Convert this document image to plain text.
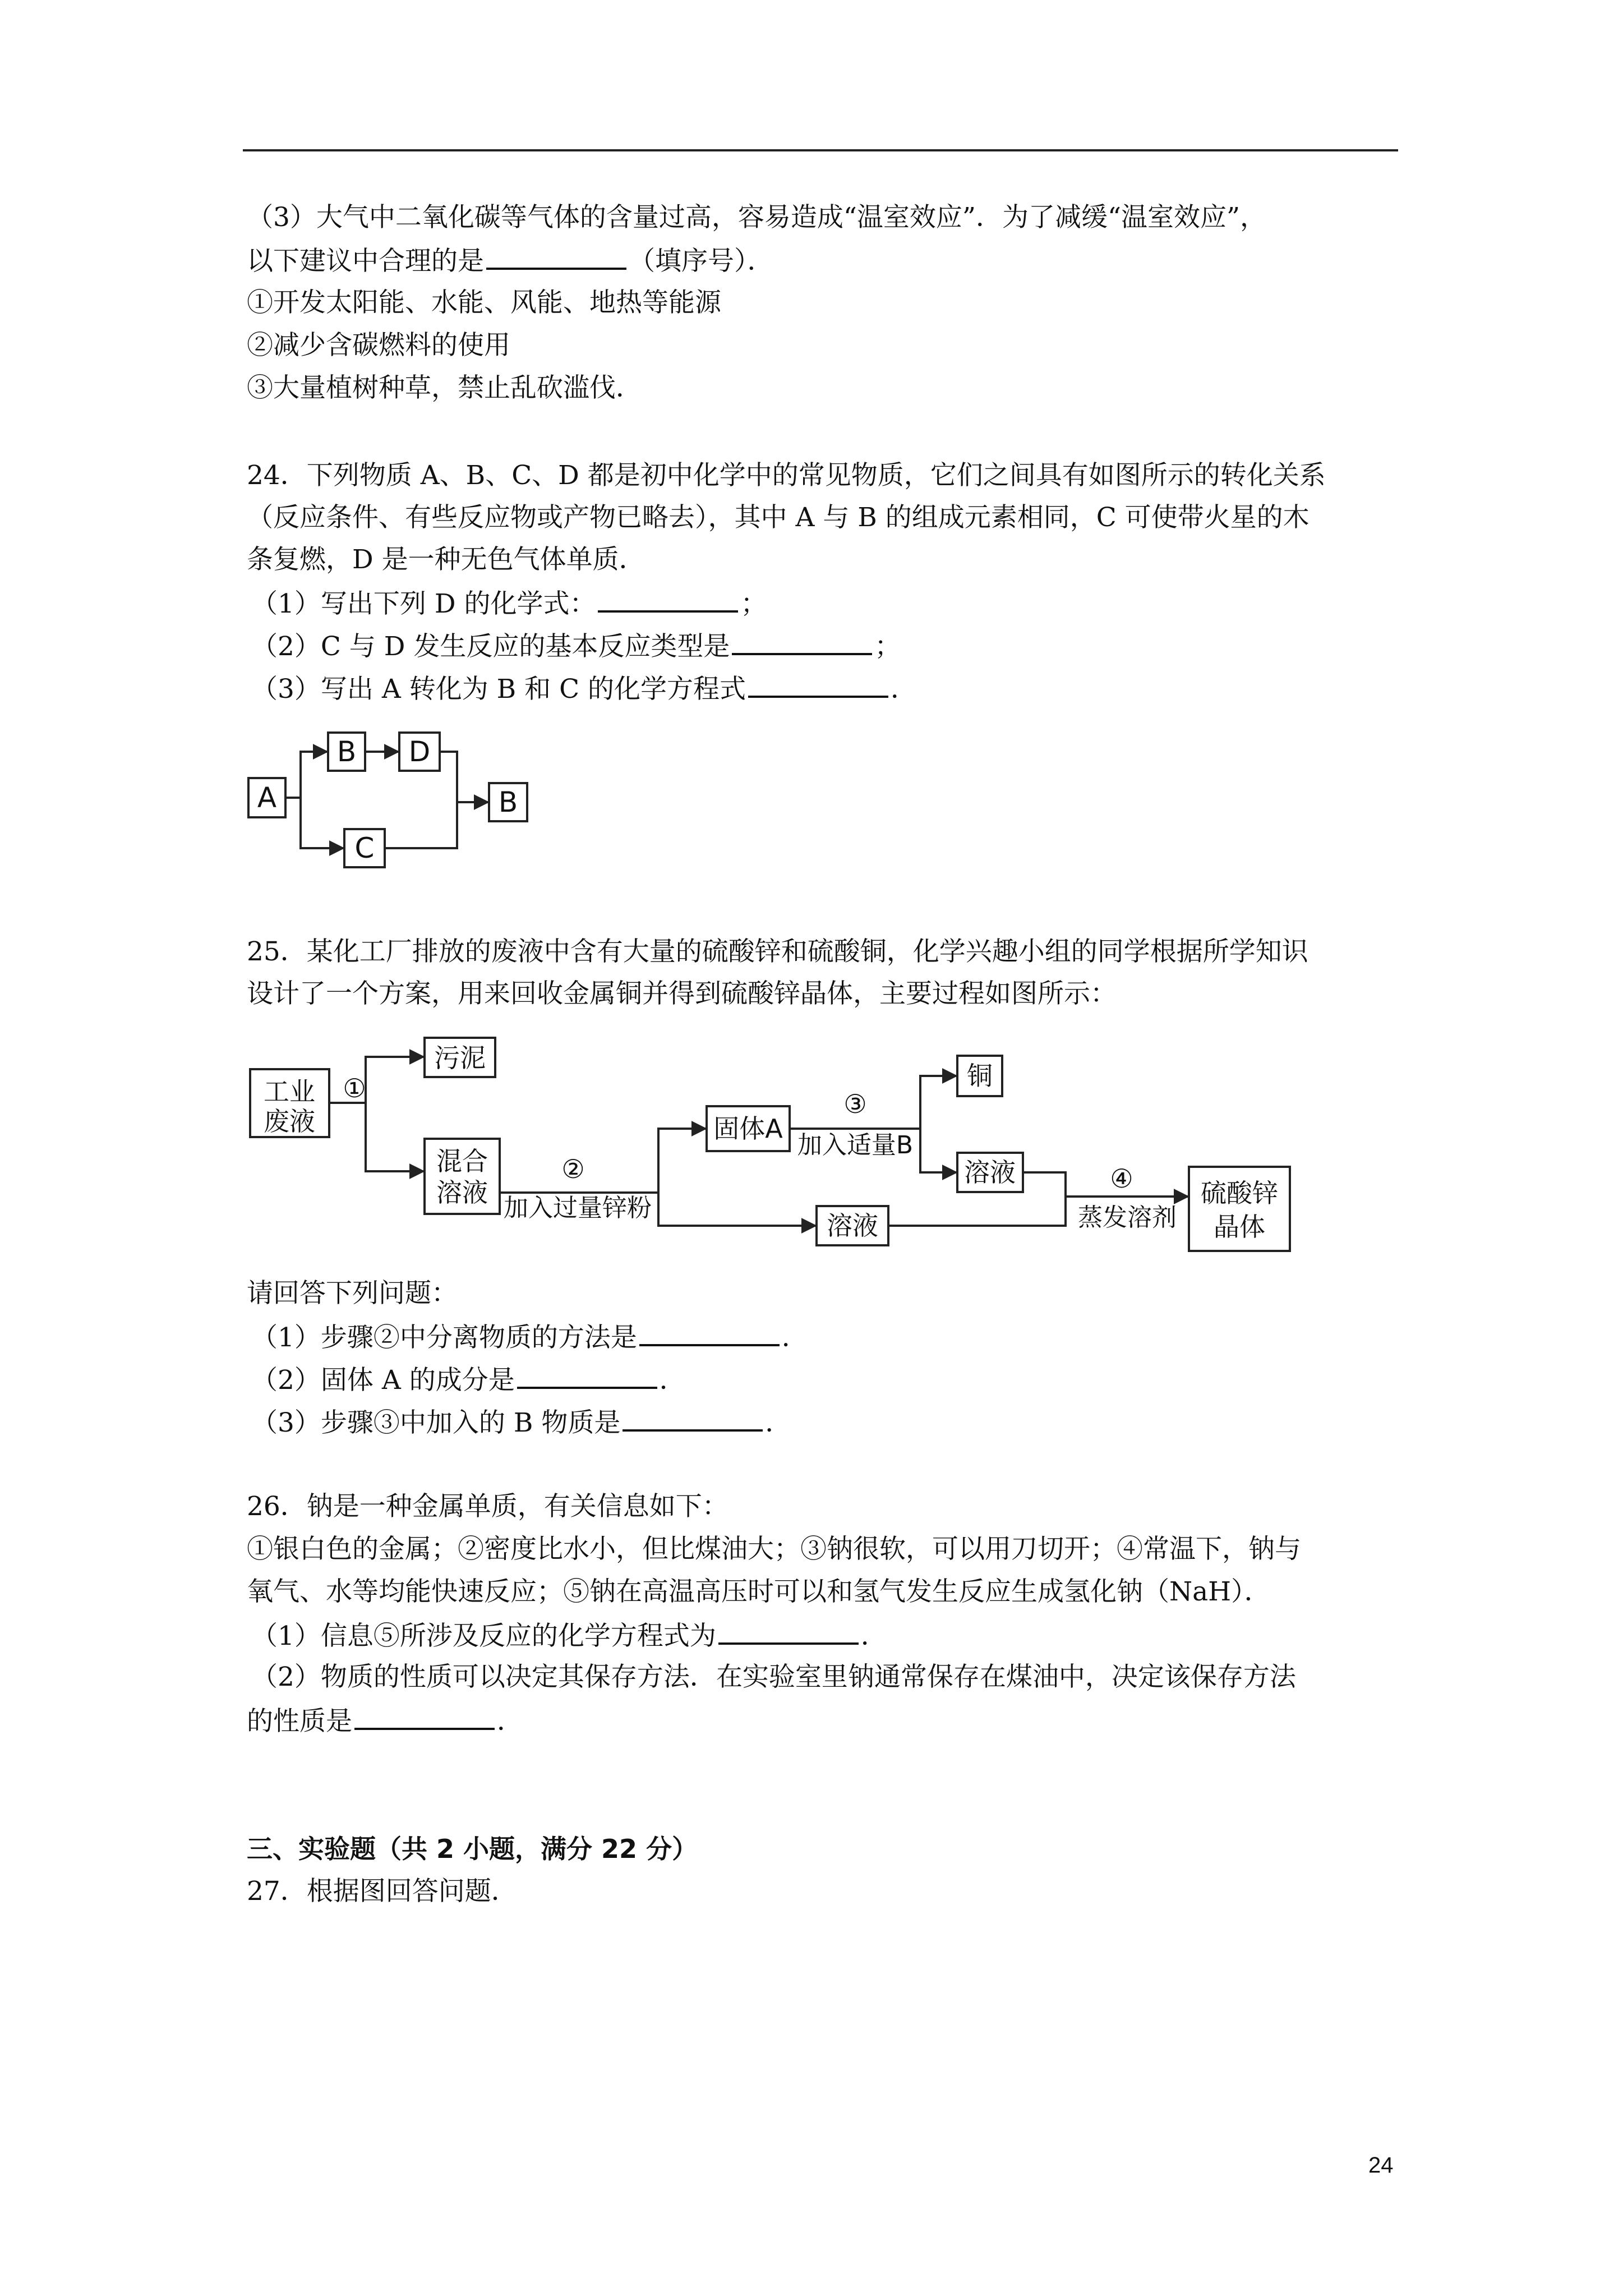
（3）大气中二氧化碳等气体的含量过高，容易造成“温室效应”．为了减缓“温室效应”，
以下建议中合理的是	（填序号）．
①开发太阳能、水能、风能、地热等能源
②减少含碳燃料的使用
③大量植树种草，禁止乱砍滥伐．
24．下列物质 A、B、C、D 都是初中化学中的常见物质，它们之间具有如图所示的转化关系
（反应条件、有些反应物或产物已略去），其中 A 与 B 的组成元素相同，C 可使带火星的木
条复燃，D 是一种无色气体单质．
（1）写出下列 D 的化学式：	；
（2）C 与 D 发生反应的基本反应类型是	；
（3）写出 A 转化为 B 和 C 的化学方程式	．
A
B D
C
B
工业
废液
污泥
混合
溶液
固体A
铜
溶液
溶液
硫酸锌
晶体
①
②
加入过量锌粉
③
加入适量B
④
蒸发溶剂
25．某化工厂排放的废液中含有大量的硫酸锌和硫酸铜，化学兴趣小组的同学根据所学知识
设计了一个方案，用来回收金属铜并得到硫酸锌晶体，主要过程如图所示：
请回答下列问题：
（1）步骤②中分离物质的方法是	．
（2）固体 A 的成分是	．
（3）步骤③中加入的 B 物质是	．
26．钠是一种金属单质，有关信息如下：
①银白色的金属；②密度比水小，但比煤油大；③钠很软，可以用刀切开；④常温下，钠与
氧气、水等均能快速反应；⑤钠在高温高压时可以和氢气发生反应生成氢化钠（NaH）．
（1）信息⑤所涉及反应的化学方程式为	．
（2）物质的性质可以决定其保存方法．在实验室里钠通常保存在煤油中，决定该保存方法
的性质是	．
三、实验题（共 2 小题，满分 22 分）
27．根据图回答问题．
24
